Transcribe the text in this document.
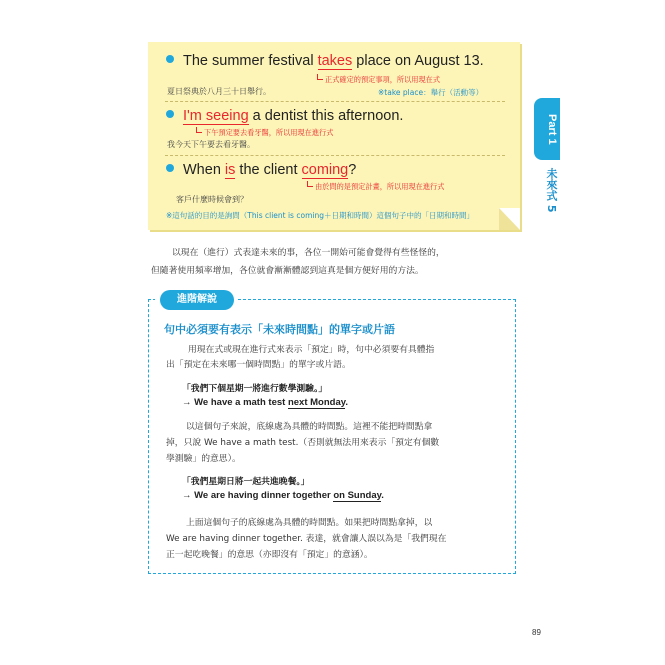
The summer festival takes place on August 13.
正式確定的預定事項，所以用現在式
夏日祭典於八月三十日舉行。	※take place：舉行（活動等）
I'm seeing a dentist this afternoon.
下午預定要去看牙醫，所以用現在進行式
我今天下午要去看牙醫。
When is the client coming?
由於問的是預定計畫，所以用現在進行式
客戶什麼時候會到？
※這句話的目的是詢問（This client is coming＋日期和時間）這個句子中的「日期和時間」
Part 1
未來式 5
以現在（進行）式表達未來的事，各位一開始可能會覺得有些怪怪的，
但隨著使用頻率增加，各位就會漸漸體認到這真是個方便好用的方法。
進階解說
句中必須要有表示「未來時間點」的單字或片語
用現在式或現在進行式來表示「預定」時，句中必須要有具體指
出「預定在未來哪一個時間點」的單字或片語。
「我們下個星期一將進行數學測驗。」
→ We have a math test next Monday.
以這個句子來說，底線處為具體的時間點。這裡不能把時間點拿
掉，只說 We have a math test.（否則就無法用來表示「預定有個數
學測驗」的意思）。
「我們星期日將一起共進晚餐。」
→ We are having dinner together on Sunday.
上面這個句子的底線處為具體的時間點。如果把時間點拿掉，以
We are having dinner together. 表達，就會讓人誤以為是「我們現在
正一起吃晚餐」的意思（亦即沒有「預定」的意涵）。
89
